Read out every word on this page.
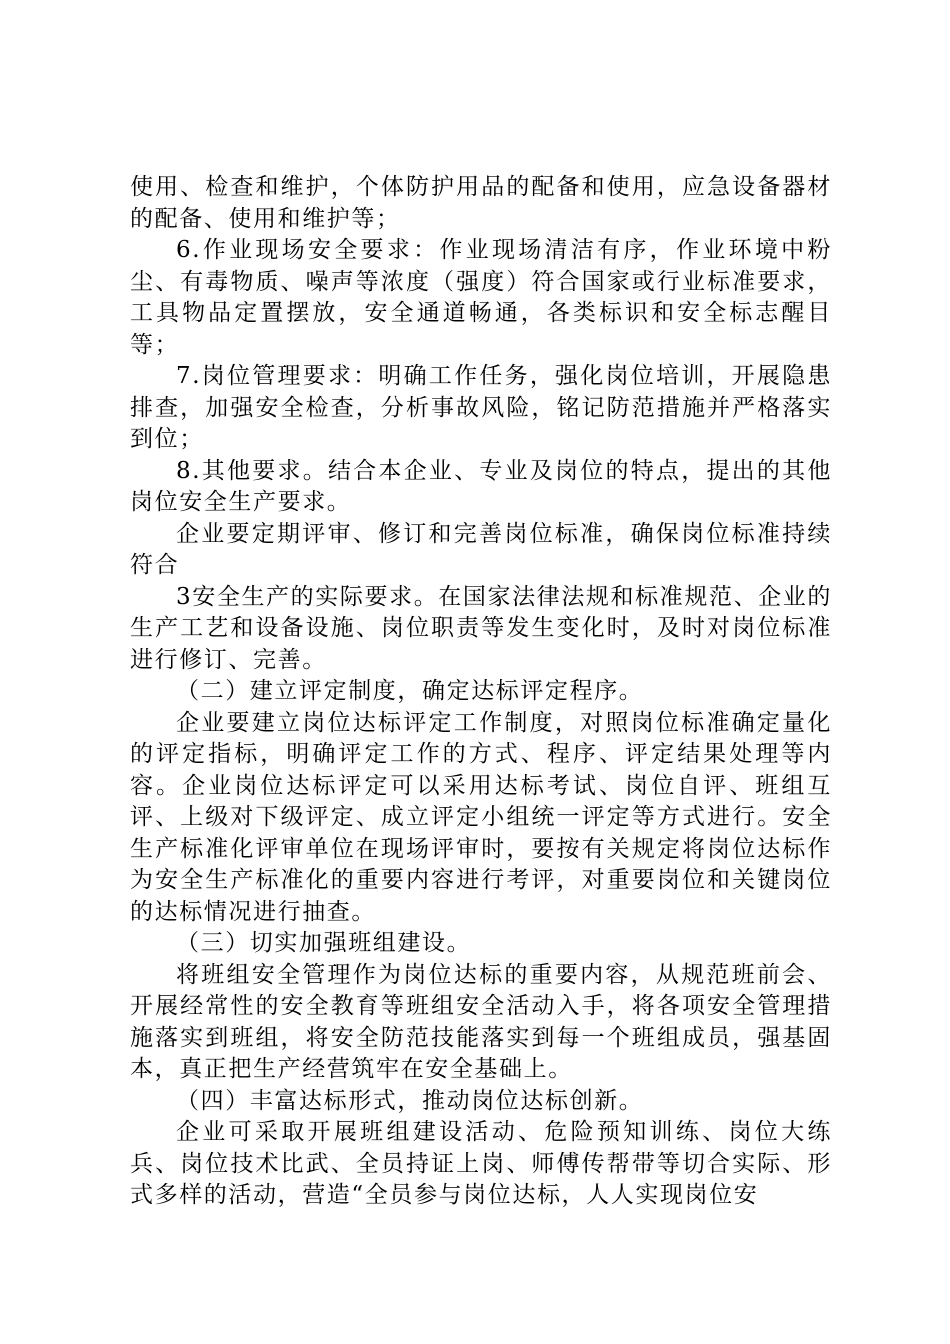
使用、检查和维护，个体防护用品的配备和使用，应急设备器材的配备、使用和维护等；

6.作业现场安全要求：作业现场清洁有序，作业环境中粉尘、有毒物质、噪声等浓度（强度）符合国家或行业标准要求，工具物品定置摆放，安全通道畅通，各类标识和安全标志醒目等；

7.岗位管理要求：明确工作任务，强化岗位培训，开展隐患排查，加强安全检查，分析事故风险，铭记防范措施并严格落实到位；

8.其他要求。结合本企业、专业及岗位的特点，提出的其他岗位安全生产要求。

企业要定期评审、修订和完善岗位标准，确保岗位标准持续符合

3安全生产的实际要求。在国家法律法规和标准规范、企业的生产工艺和设备设施、岗位职责等发生变化时，及时对岗位标准进行修订、完善。

（二）建立评定制度，确定达标评定程序。

企业要建立岗位达标评定工作制度，对照岗位标准确定量化的评定指标，明确评定工作的方式、程序、评定结果处理等内容。企业岗位达标评定可以采用达标考试、岗位自评、班组互评、上级对下级评定、成立评定小组统一评定等方式进行。安全生产标准化评审单位在现场评审时，要按有关规定将岗位达标作为安全生产标准化的重要内容进行考评，对重要岗位和关键岗位的达标情况进行抽查。

（三）切实加强班组建设。

将班组安全管理作为岗位达标的重要内容，从规范班前会、开展经常性的安全教育等班组安全活动入手，将各项安全管理措施落实到班组，将安全防范技能落实到每一个班组成员，强基固本，真正把生产经营筑牢在安全基础上。

（四）丰富达标形式，推动岗位达标创新。

企业可采取开展班组建设活动、危险预知训练、岗位大练兵、岗位技术比武、全员持证上岗、师傅传帮带等切合实际、形式多样的活动，营造“全员参与岗位达标，人人实现岗位安
